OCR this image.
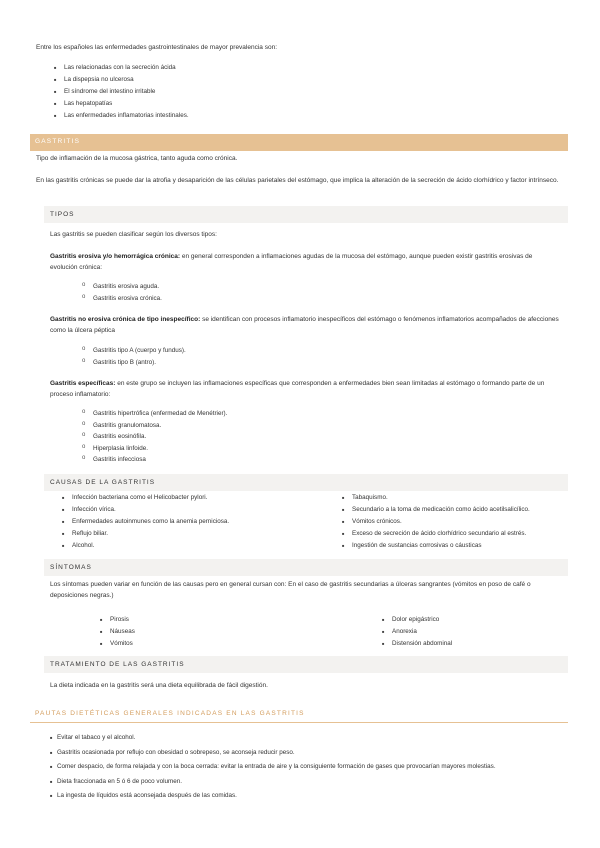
Entre los españoles las enfermedades gastrointestinales de mayor prevalencia son:
■ Las relacionadas con la secreción ácida
■ La dispepsia no ulcerosa
■ El síndrome del intestino irritable
■ Las hepatopatías
■ Las enfermedades inflamatorias intestinales.
GASTRITIS
Tipo de inflamación de la mucosa gástrica, tanto aguda como crónica.
En las gastritis crónicas se puede dar la atrofia y desaparición de las células parietales del estómago, que implica la alteración de la secreción de ácido clorhídrico y factor intrínseco.
TIPOS
Las gastritis se pueden clasificar según los diversos tipos:
Gastritis erosiva y/o hemorrágica crónica: en general corresponden a inflamaciones agudas de la mucosa del estómago, aunque pueden existir gastritis erosivas de evolución crónica:
o Gastritis erosiva aguda.
o Gastritis erosiva crónica.
Gastritis no erosiva crónica de tipo inespecífico: se identifican con procesos inflamatorio inespecíficos del estómago o fenómenos inflamatorios acompañados de afecciones como la úlcera péptica
o Gastritis tipo A (cuerpo y fundus).
o Gastritis tipo B (antro).
Gastritis específicas: en este grupo se incluyen las inflamaciones específicas que corresponden a enfermedades bien sean limitadas al estómago o formando parte de un proceso inflamatorio:
o Gastritis hipertrófica (enfermedad de Menétrier).
o Gastritis granulomatosa.
o Gastritis eosinófila.
o Hiperplasia linfoide.
o Gastritis infecciosa
CAUSAS DE LA GASTRITIS
■ Infección bacteriana como el Helicobacter pylori.
■ Infección vírica.
■ Enfermedades autoinmunes como la anemia perniciosa.
■ Reflujo biliar.
■ Alcohol.
■ Tabaquismo.
■ Secundario a la toma de medicación como ácido acetilsalicílico.
■ Vómitos crónicos.
■ Exceso de secreción de ácido clorhídrico secundario al estrés.
■ Ingestión de sustancias corrosivas o cáusticas
SÍNTOMAS
Los síntomas pueden variar en función de las causas pero en general cursan con: En el caso de gastritis secundarias a úlceras sangrantes (vómitos en poso de café o deposiciones negras.)
■ Pirosis
■ Náuseas
■ Vómitos
■ Dolor epigástrico
■ Anorexia
■ Distensión abdominal
TRATAMIENTO DE LAS GASTRITIS
La dieta indicada en la gastritis será una dieta equilibrada de fácil digestión.
PAUTAS DIETÉTICAS GENERALES INDICADAS EN LAS GASTRITIS
■ Evitar el tabaco y el alcohol.
■ Gastritis ocasionada por reflujo con obesidad o sobrepeso, se aconseja reducir peso.
■ Comer despacio, de forma relajada y con la boca cerrada: evitar la entrada de aire y la consiguiente formación de gases que provocarían mayores molestias.
■ Dieta fraccionada en 5 ó 6 de poco volumen.
■ La ingesta de líquidos está aconsejada después de las comidas.
